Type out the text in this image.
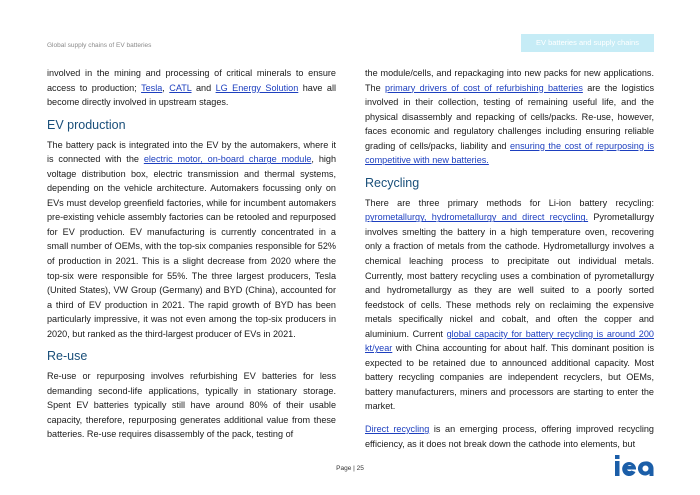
Global supply chains of EV batteries	EV batteries and supply chains

involved in the mining and processing of critical minerals to ensure access to production; Tesla, CATL and LG Energy Solution have all become directly involved in upstream stages.

EV production

The battery pack is integrated into the EV by the automakers, where it is connected with the electric motor, on-board charge module, high voltage distribution box, electric transmission and thermal systems, depending on the vehicle architecture. Automakers focussing only on EVs must develop greenfield factories, while for incumbent automakers pre-existing vehicle assembly factories can be retooled and repurposed for EV production. EV manufacturing is currently concentrated in a small number of OEMs, with the top-six companies responsible for 52% of production in 2021. This is a slight decrease from 2020 where the top-six were responsible for 55%. The three largest producers, Tesla (United States), VW Group (Germany) and BYD (China), accounted for a third of EV production in 2021. The rapid growth of BYD has been particularly impressive, it was not even among the top-six producers in 2020, but ranked as the third-largest producer of EVs in 2021.

Re-use

Re-use or repurposing involves refurbishing EV batteries for less demanding second-life applications, typically in stationary storage. Spent EV batteries typically still have around 80% of their usable capacity, therefore, repurposing generates additional value from these batteries. Re-use requires disassembly of the pack, testing of

the module/cells, and repackaging into new packs for new applications. The primary drivers of cost of refurbishing batteries are the logistics involved in their collection, testing of remaining useful life, and the physical disassembly and repacking of cells/packs. Re-use, however, faces economic and regulatory challenges including ensuring reliable grading of cells/packs, liability and ensuring the cost of repurposing is competitive with new batteries.

Recycling

There are three primary methods for Li-ion battery recycling: pyrometallurgy, hydrometallurgy and direct recycling. Pyrometallurgy involves smelting the battery in a high temperature oven, recovering only a fraction of metals from the cathode. Hydrometallurgy involves a chemical leaching process to precipitate out individual metals. Currently, most battery recycling uses a combination of pyrometallurgy and hydrometallurgy as they are well suited to a poorly sorted feedstock of cells. These methods rely on reclaiming the expensive metals specifically nickel and cobalt, and often the copper and aluminium. Current global capacity for battery recycling is around 200 kt/year with China accounting for about half. This dominant position is expected to be retained due to announced additional capacity. Most battery recycling companies are independent recyclers, but OEMs, battery manufacturers, miners and processors are starting to enter the market.

Direct recycling is an emerging process, offering improved recycling efficiency, as it does not break down the cathode into elements, but

Page | 25
